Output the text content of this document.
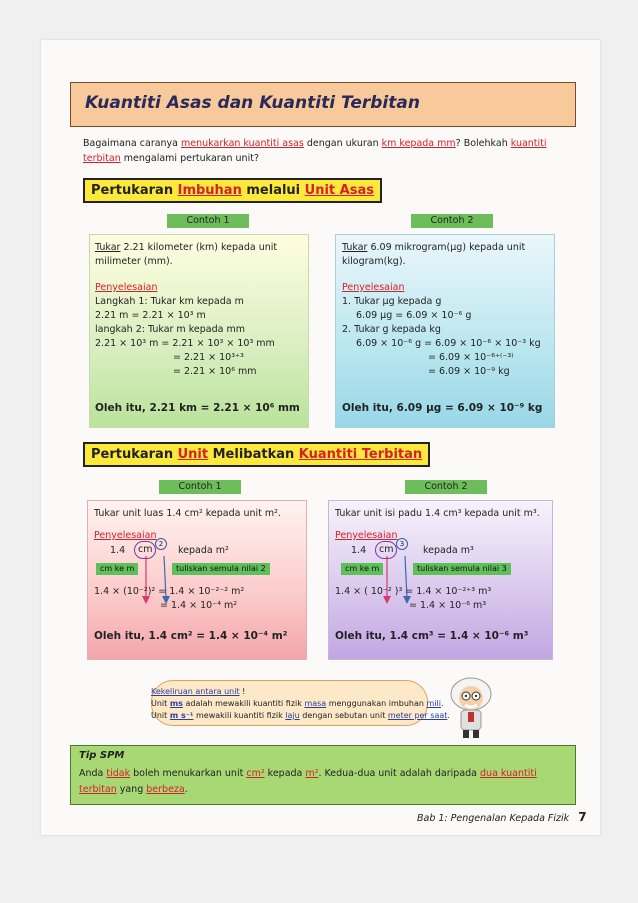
Kuantiti Asas dan Kuantiti Terbitan
Bagaimana caranya menukarkan kuantiti asas dengan ukuran km kepada mm? Bolehkah kuantiti terbitan mengalami pertukaran unit?
Pertukaran Imbuhan melalui Unit Asas
Contoh 1
Tukar 2.21 kilometer (km) kepada unit
milimeter (mm).
Penyelesaian
Langkah 1: Tukar km kepada m
2.21 m = 2.21 × 10³ m
langkah 2: Tukar m kepada mm
2.21 × 10³ m = 2.21 × 10³ × 10³ mm
= 2.21 × 10³⁺³
= 2.21 × 10⁶ mm
Oleh itu, 2.21 km = 2.21 × 10⁶ mm
Contoh 2
Tukar 6.09 mikrogram(μg) kepada unit
kilogram(kg).
Penyelesaian
1. Tukar μg kepada g
6.09 μg = 6.09 × 10⁻⁶ g
2. Tukar g kepada kg
6.09 × 10⁻⁶ g = 6.09 × 10⁻⁶ × 10⁻³ kg
= 6.09 × 10⁻⁶⁺⁽⁻³⁾
= 6.09 × 10⁻⁹ kg
Oleh itu, 6.09 μg = 6.09 × 10⁻⁹ kg
Pertukaran Unit Melibatkan Kuantiti Terbitan
Contoh 1
Tukar unit luas 1.4 cm² kepada unit m².
Penyelesaian
1.4	cm 2
kepada m²
cm ke m	tuliskan semula nilai 2
1.4 × (10⁻²)² = 1.4 × 10⁻²⁻² m²
= 1.4 × 10⁻⁴ m²
Oleh itu, 1.4 cm² = 1.4 × 10⁻⁴ m²
Contoh 2
Tukar unit isi padu 1.4 cm³ kepada unit m³.
Penyelesaian
1.4	cm 3
kepada m³
cm ke m	tuliskan semula nilai 3
1.4 × ( 10⁻² )³ = 1.4 × 10⁻²⁺³ m³
= 1.4 × 10⁻⁶ m³
Oleh itu, 1.4 cm³ = 1.4 × 10⁻⁶ m³
Kekeliruan antara unit !
Unit ms adalah mewakili kuantiti fizik masa menggunakan imbuhan mili.
Unit m s⁻¹ mewakili kuantiti fizik laju dengan sebutan unit meter per saat.
Tip SPM
Anda tidak boleh menukarkan unit cm² kepada m². Kedua-dua unit adalah daripada dua kuantiti terbitan yang berbeza.
Bab 1: Pengenalan Kepada Fizik 7
